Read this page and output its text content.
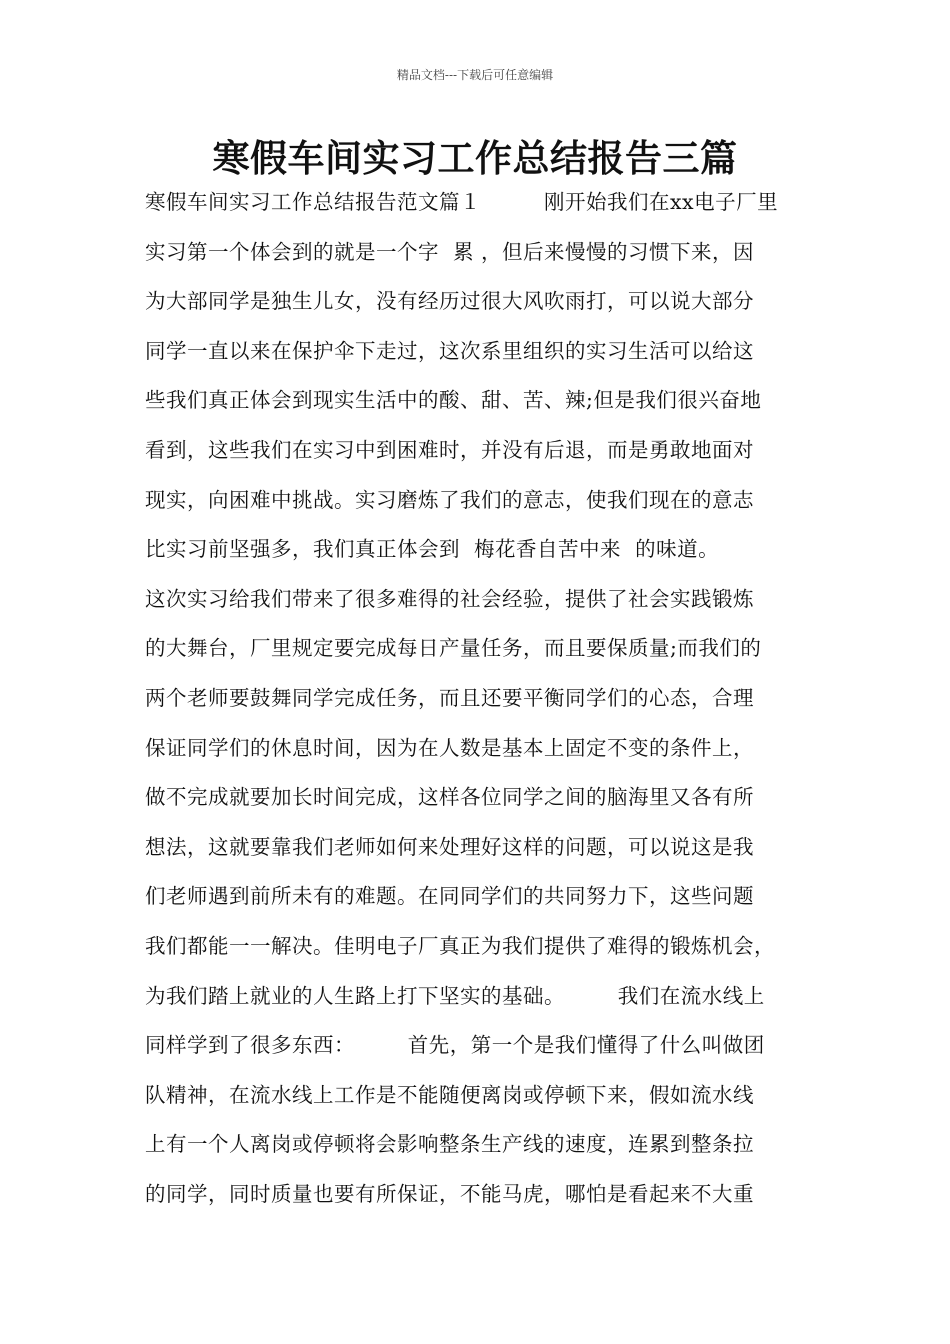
精品文档---下载后可任意编辑
寒假车间实习工作总结报告三篇
寒假车间实习工作总结报告范文篇１　　　刚开始我们在xx电子厂里
实习第一个体会到的就是一个字  累 ，但后来慢慢的习惯下来，因
为大部同学是独生儿女，没有经历过很大风吹雨打，可以说大部分
同学一直以来在保护伞下走过，这次系里组织的实习生活可以给这
些我们真正体会到现实生活中的酸、甜、苦、辣;但是我们很兴奋地
看到，这些我们在实习中到困难时，并没有后退，而是勇敢地面对
现实，向困难中挑战。实习磨炼了我们的意志，使我们现在的意志
比实习前坚强多，我们真正体会到  梅花香自苦中来  的味道。
这次实习给我们带来了很多难得的社会经验，提供了社会实践锻炼
的大舞台，厂里规定要完成每日产量任务，而且要保质量;而我们的
两个老师要鼓舞同学完成任务，而且还要平衡同学们的心态，合理
保证同学们的休息时间，因为在人数是基本上固定不变的条件上，
做不完成就要加长时间完成，这样各位同学之间的脑海里又各有所
想法，这就要靠我们老师如何来处理好这样的问题，可以说这是我
们老师遇到前所未有的难题。在同同学们的共同努力下，这些问题
我们都能一一解决。佳明电子厂真正为我们提供了难得的锻炼机会，
为我们踏上就业的人生路上打下坚实的基础。　　　我们在流水线上
同样学到了很多东西：　　　首先，第一个是我们懂得了什么叫做团
队精神，在流水线上工作是不能随便离岗或停顿下来，假如流水线
上有一个人离岗或停顿将会影响整条生产线的速度，连累到整条拉
的同学，同时质量也要有所保证，不能马虎，哪怕是看起来不大重
